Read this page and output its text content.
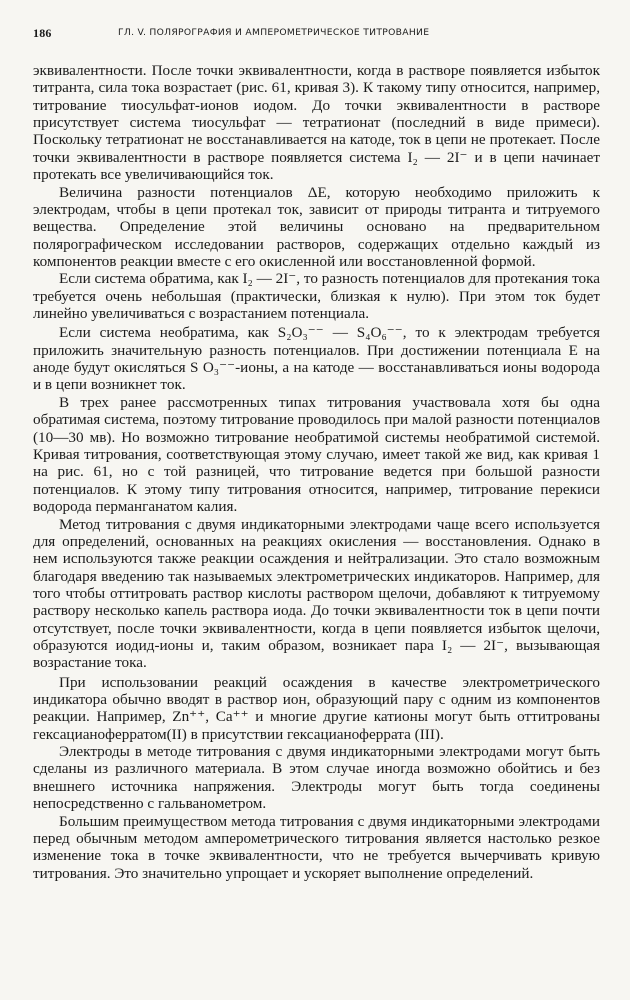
186	ГЛ. V. ПОЛЯРОГРАФИЯ И АМПЕРОМЕТРИЧЕСКОЕ ТИТРОВАНИЕ

эквивалентности. После точки эквивалентности, когда в растворе появляется избыток титранта, сила тока возрастает (рис. 61, кривая 3). К такому типу относится, например, титрование тиосульфат-ионов иодом. До точки эквивалентности в растворе присутствует система тиосульфат — тетратионат (последний в виде примеси). Поскольку тетратионат не восстанавливается на катоде, ток в цепи не протекает. После точки эквивалентности в растворе появляется система I₂ — 2I⁻ и в цепи начинает протекать все увеличивающийся ток.

Величина разности потенциалов ΔE, которую необходимо приложить к электродам, чтобы в цепи протекал ток, зависит от природы титранта и титруемого вещества. Определение этой величины основано на предварительном полярографическом исследовании растворов, содержащих отдельно каждый из компонентов реакции вместе с его окисленной или восстановленной формой.

Если система обратима, как I₂ — 2I⁻, то разность потенциалов для протекания тока требуется очень небольшая (практически, близкая к нулю). При этом ток будет линейно увеличиваться с возрастанием потенциала.

Если система необратима, как S₂O₃⁻⁻ — S₄O₆⁻⁻, то к электродам требуется приложить значительную разность потенциалов. При достижении потенциала E на аноде будут окисляться S O₃⁻⁻-ионы, а на катоде — восстанавливаться ионы водорода и в цепи возникнет ток.

В трех ранее рассмотренных типах титрования участвовала хотя бы одна обратимая система, поэтому титрование проводилось при малой разности потенциалов (10—30 мв). Но возможно титрование необратимой системы необратимой системой. Кривая титрования, соответствующая этому случаю, имеет такой же вид, как кривая 1 на рис. 61, но с той разницей, что титрование ведется при большой разности потенциалов. К этому типу титрования относится, например, титрование перекиси водорода перманганатом калия.

Метод титрования с двумя индикаторными электродами чаще всего используется для определений, основанных на реакциях окисления — восстановления. Однако в нем используются также реакции осаждения и нейтрализации. Это стало возможным благодаря введению так называемых электрометрических индикаторов. Например, для того чтобы оттитровать раствор кислоты раствором щелочи, добавляют к титруемому раствору несколько капель раствора иода. До точки эквивалентности ток в цепи почти отсутствует, после точки эквивалентности, когда в цепи появляется избыток щелочи, образуются иодид-ионы и, таким образом, возникает пара I₂ — 2I⁻, вызывающая возрастание тока.

При использовании реакций осаждения в качестве электрометрического индикатора обычно вводят в раствор ион, образующий пару с одним из компонентов реакции. Например, Zn⁺⁺, Ca⁺⁺ и многие другие катионы могут быть оттитрованы гексацианоферратом(II) в присутствии гексацианоферрата (III).

Электроды в методе титрования с двумя индикаторными электродами могут быть сделаны из различного материала. В этом случае иногда возможно обойтись и без внешнего источника напряжения. Электроды могут быть тогда соединены непосредственно с гальванометром.

Большим преимуществом метода титрования с двумя индикаторными электродами перед обычным методом амперометрического титрования является настолько резкое изменение тока в точке эквивалентности, что не требуется вычерчивать кривую титрования. Это значительно упрощает и ускоряет выполнение определений.
